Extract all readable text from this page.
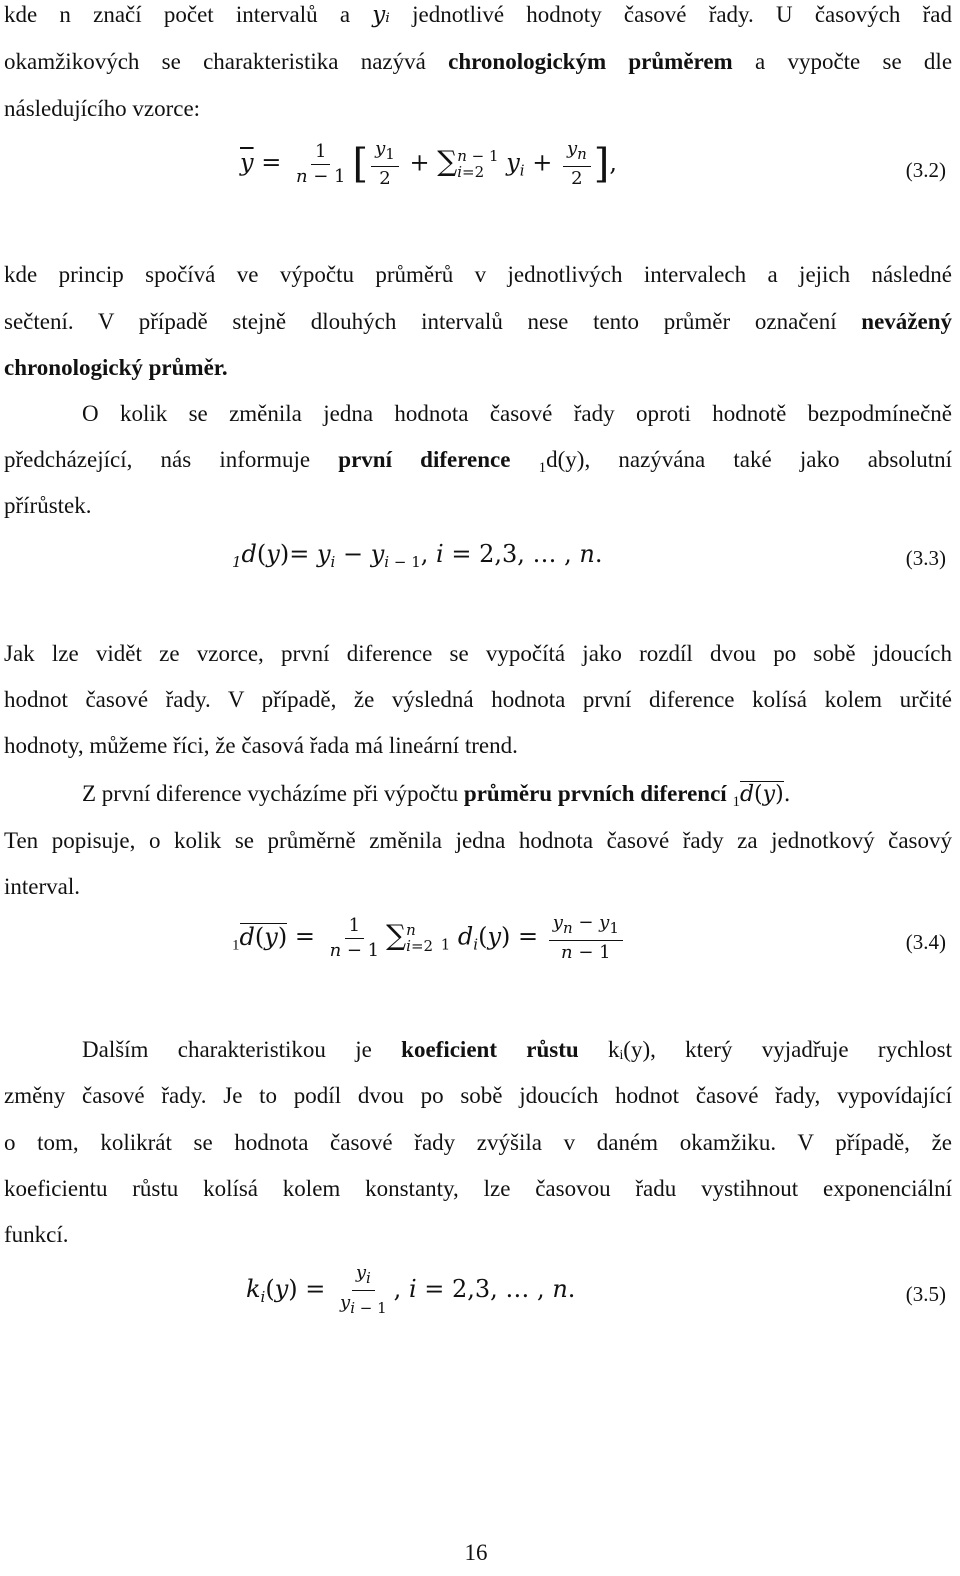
kde n značí počet intervalů a yᵢ jednotlivé hodnoty časové řady. U časových řad
okamžikových se charakteristika nazývá chronologickým průměrem a vypočte se dle
následujícího vzorce:
$\overline{y} = \frac{1}{n - 1}$ [ $\frac{y_1}{2} + \sum n - 1$
i=2 $y_i + \frac{y_n}{2}$ ],	(3.2)
kde princip spočívá ve výpočtu průměrů v jednotlivých intervalech a jejich následné
sečtení. V případě stejně dlouhých intervalů nese tento průměr označení nevážený
chronologický průměr.
O kolik se změnila jedna hodnota časové řady oproti hodnotě bezpodmínečně
předcházející, nás informuje první diference $_1$d(y), nazývána také jako absolutní
přírůstek.
$_1d(y)= y_i - y_{i - 1}$, i = 2,3, … , n.	(3.3)
Jak lze vidět ze vzorce, první diference se vypočítá jako rozdíl dvou po sobě jdoucích
hodnot časové řady. V případě, že výsledná hodnota první diference kolísá kolem určité
hodnoty, můžeme říci, že časová řada má lineární trend.
Z první diference vycházíme při výpočtu průměru prvních diferencí $_1$d(y).
Ten popisuje, o kolik se průměrně změnila jedna hodnota časové řady za jednotkový časový
interval.
$_1d(y) = \frac{1}{n - 1} \sum n$
i=2 $_1$ $d_i(y) = \frac{y_n - y_1}{n - 1}$	(3.4)
Dalším charakteristikou je koeficient růstu kᵢ(y), který vyjadřuje rychlost
změny časové řady. Je to podíl dvou po sobě jdoucích hodnot časové řady, vypovídající
o tom, kolikrát se hodnota časové řady zvýšila v daném okamžiku. V případě, že
koeficientu růstu kolísá kolem konstanty, lze časovou řadu vystihnout exponenciální
funkcí.
$k_i(y) = \frac{y_i}{y_{i - 1}}$ , i = 2,3, … , n.	(3.5)
16
